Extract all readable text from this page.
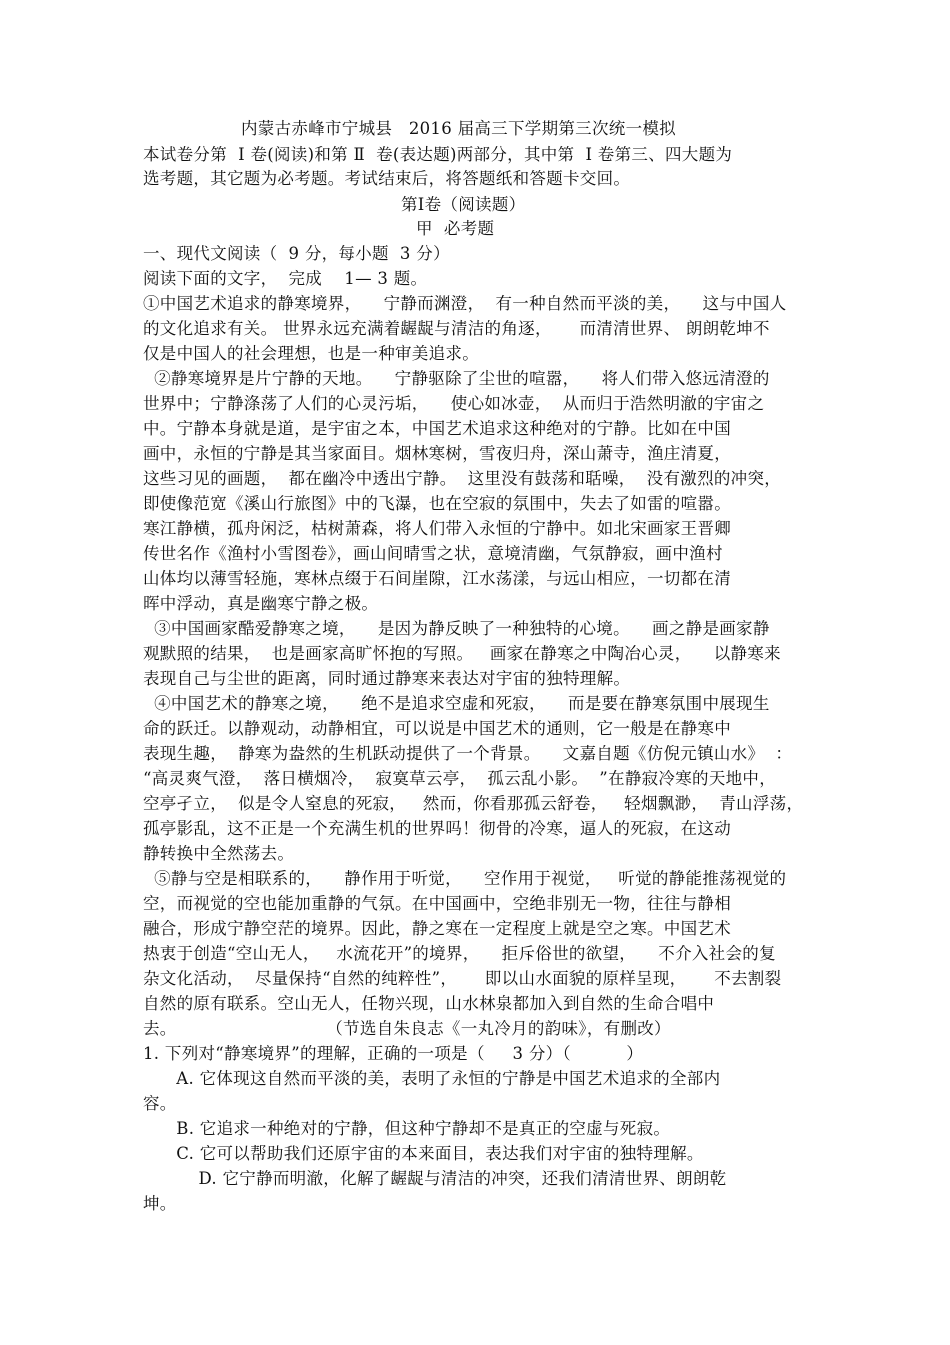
内蒙古赤峰市宁城县   2016 届高三下学期第三次统一模拟
本试卷分第  Ⅰ 卷(阅读)和第 Ⅱ  卷(表达题)两部分，其中第  Ⅰ 卷第三、四大题为
选考题，其它题为必考题。考试结束后，将答题纸和答题卡交回。
第Ⅰ卷（阅读题）
甲  必考题
一、现代文阅读（  9 分，每小题  3 分）
阅读下面的文字，  完成    1— 3 题。
①中国艺术追求的静寒境界，    宁静而渊澄，  有一种自然而平淡的美，    这与中国人
的文化追求有关。 世界永远充满着龌龊与清洁的角逐，     而清清世界、 朗朗乾坤不
仅是中国人的社会理想，也是一种审美追求。
②静寒境界是片宁静的天地。    宁静驱除了尘世的喧嚣，    将人们带入悠远清澄的
世界中；宁静涤荡了人们的心灵污垢，    使心如冰壶，  从而归于浩然明澈的宇宙之
中。宁静本身就是道，是宇宙之本，中国艺术追求这种绝对的宁静。比如在中国
画中，永恒的宁静是其当家面目。烟林寒树，雪夜归舟，深山萧寺，渔庄清夏，
这些习见的画题，  都在幽冷中透出宁静。  这里没有鼓荡和聒噪，  没有激烈的冲突，
即使像范宽《溪山行旅图》中的飞瀑，也在空寂的氛围中，失去了如雷的喧嚣。
寒江静横，孤舟闲泛，枯树萧森，将人们带入永恒的宁静中。如北宋画家王晋卿
传世名作《渔村小雪图卷》，画山间晴雪之状，意境清幽，气氛静寂，画中渔村
山体均以薄雪轻施，寒林点缀于石间崖隙，江水荡漾，与远山相应，一切都在清
晖中浮动，真是幽寒宁静之极。
③中国画家酷爱静寒之境，    是因为静反映了一种独特的心境。    画之静是画家静
观默照的结果，  也是画家高旷怀抱的写照。   画家在静寒之中陶冶心灵，    以静寒来
表现自己与尘世的距离，同时通过静寒来表达对宇宙的独特理解。
④中国艺术的静寒之境，    绝不是追求空虚和死寂，    而是要在静寒氛围中展现生
命的跃迁。以静观动，动静相宜，可以说是中国艺术的通则，它一般是在静寒中
表现生趣，  静寒为盎然的生机跃动提供了一个背景。    文嘉自题《仿倪元镇山水》  ：
“高灵爽气澄，  落日横烟冷，  寂寞草云亭，  孤云乱小影。  ”在静寂冷寒的天地中，
空亭孑立，  似是令人窒息的死寂，   然而，你看那孤云舒卷，   轻烟飘渺，  青山浮荡，
孤亭影乱，这不正是一个充满生机的世界吗！彻骨的冷寒，逼人的死寂，在这动
静转换中全然荡去。
⑤静与空是相联系的，    静作用于听觉，    空作用于视觉，   听觉的静能推荡视觉的
空，而视觉的空也能加重静的气氛。在中国画中，空绝非别无一物，往往与静相
融合，形成宁静空茫的境界。因此，静之寒在一定程度上就是空之寒。中国艺术
热衷于创造“空山无人，   水流花开”的境界，    拒斥俗世的欲望，    不介入社会的复
杂文化活动，  尽量保持“自然的纯粹性”，     即以山水面貌的原样呈现，     不去割裂
自然的原有联系。空山无人，任物兴现，山水林泉都加入到自然的生命合唱中
去。                           （节选自朱良志《一丸冷月的韵味》，有删改）
1. 下列对“静寒境界”的理解，正确的一项是（     3 分）（          ）
A. 它体现这自然而平淡的美，表明了永恒的宁静是中国艺术追求的全部内
容。
B. 它追求一种绝对的宁静，但这种宁静却不是真正的空虚与死寂。
C. 它可以帮助我们还原宇宙的本来面目，表达我们对宇宙的独特理解。
D. 它宁静而明澈，化解了龌龊与清洁的冲突，还我们清清世界、朗朗乾
坤。
